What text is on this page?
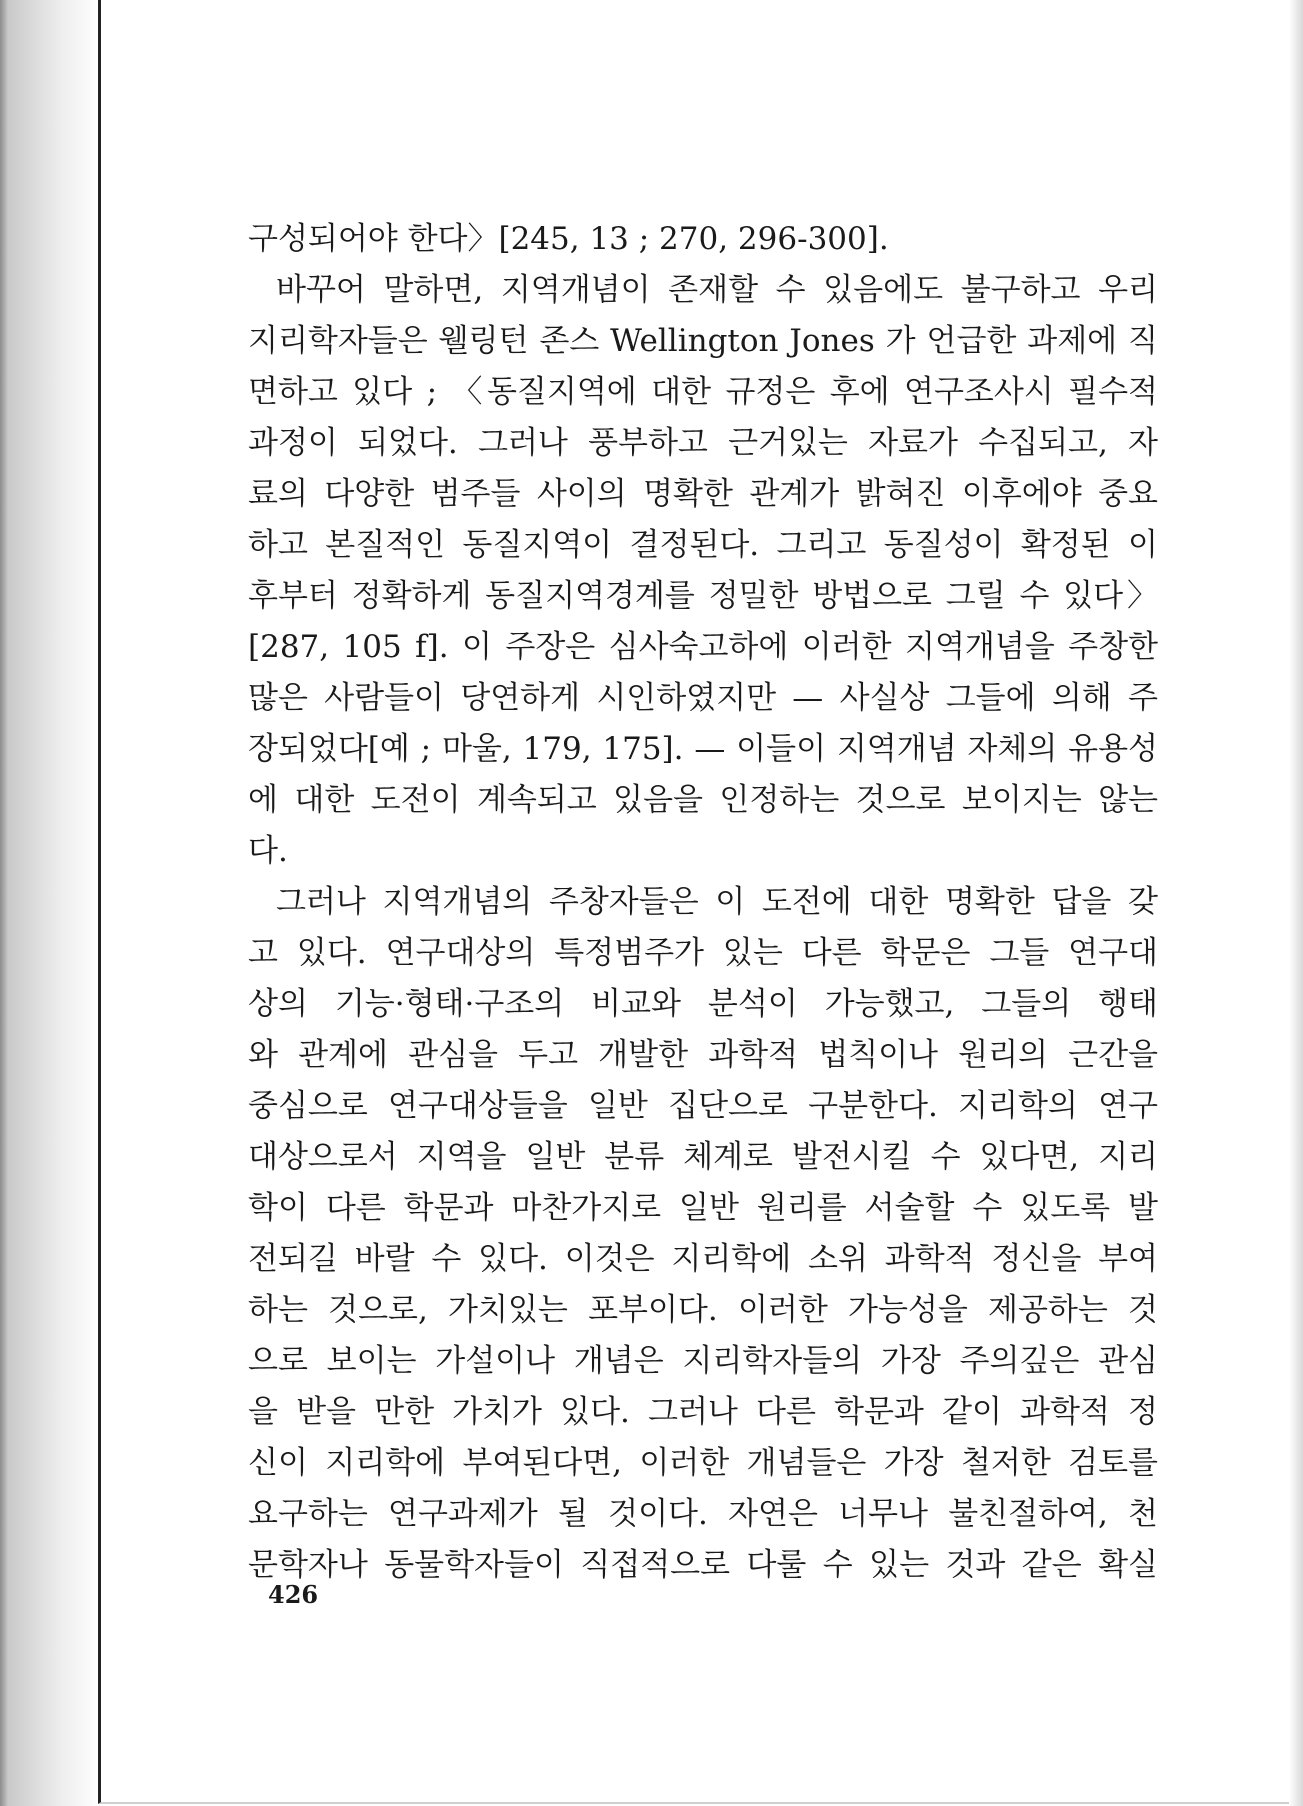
구성되어야 한다〉[245, 13 ; 270, 296-300].
바꾸어 말하면, 지역개념이 존재할 수 있음에도 불구하고 우리
지리학자들은 웰링턴 존스 Wellington Jones 가 언급한 과제에 직
면하고 있다 ; 〈동질지역에 대한 규정은 후에 연구조사시 필수적
과정이 되었다. 그러나 풍부하고 근거있는 자료가 수집되고, 자
료의 다양한 범주들 사이의 명확한 관계가 밝혀진 이후에야 중요
하고 본질적인 동질지역이 결정된다. 그리고 동질성이 확정된 이
후부터 정확하게 동질지역경계를 정밀한 방법으로 그릴 수 있다〉
[287, 105 f]. 이 주장은 심사숙고하에 이러한 지역개념을 주창한
많은 사람들이 당연하게 시인하였지만 — 사실상 그들에 의해 주
장되었다[예 ; 마울, 179, 175]. — 이들이 지역개념 자체의 유용성
에 대한 도전이 계속되고 있음을 인정하는 것으로 보이지는 않는
다.
그러나 지역개념의 주창자들은 이 도전에 대한 명확한 답을 갖
고 있다. 연구대상의 특정범주가 있는 다른 학문은 그들 연구대
상의 기능·형태·구조의 비교와 분석이 가능했고, 그들의 행태
와 관계에 관심을 두고 개발한 과학적 법칙이나 원리의 근간을
중심으로 연구대상들을 일반 집단으로 구분한다. 지리학의 연구
대상으로서 지역을 일반 분류 체계로 발전시킬 수 있다면, 지리
학이 다른 학문과 마찬가지로 일반 원리를 서술할 수 있도록 발
전되길 바랄 수 있다. 이것은 지리학에 소위 과학적 정신을 부여
하는 것으로, 가치있는 포부이다. 이러한 가능성을 제공하는 것
으로 보이는 가설이나 개념은 지리학자들의 가장 주의깊은 관심
을 받을 만한 가치가 있다. 그러나 다른 학문과 같이 과학적 정
신이 지리학에 부여된다면, 이러한 개념들은 가장 철저한 검토를
요구하는 연구과제가 될 것이다. 자연은 너무나 불친절하여, 천
문학자나 동물학자들이 직접적으로 다룰 수 있는 것과 같은 확실
426
